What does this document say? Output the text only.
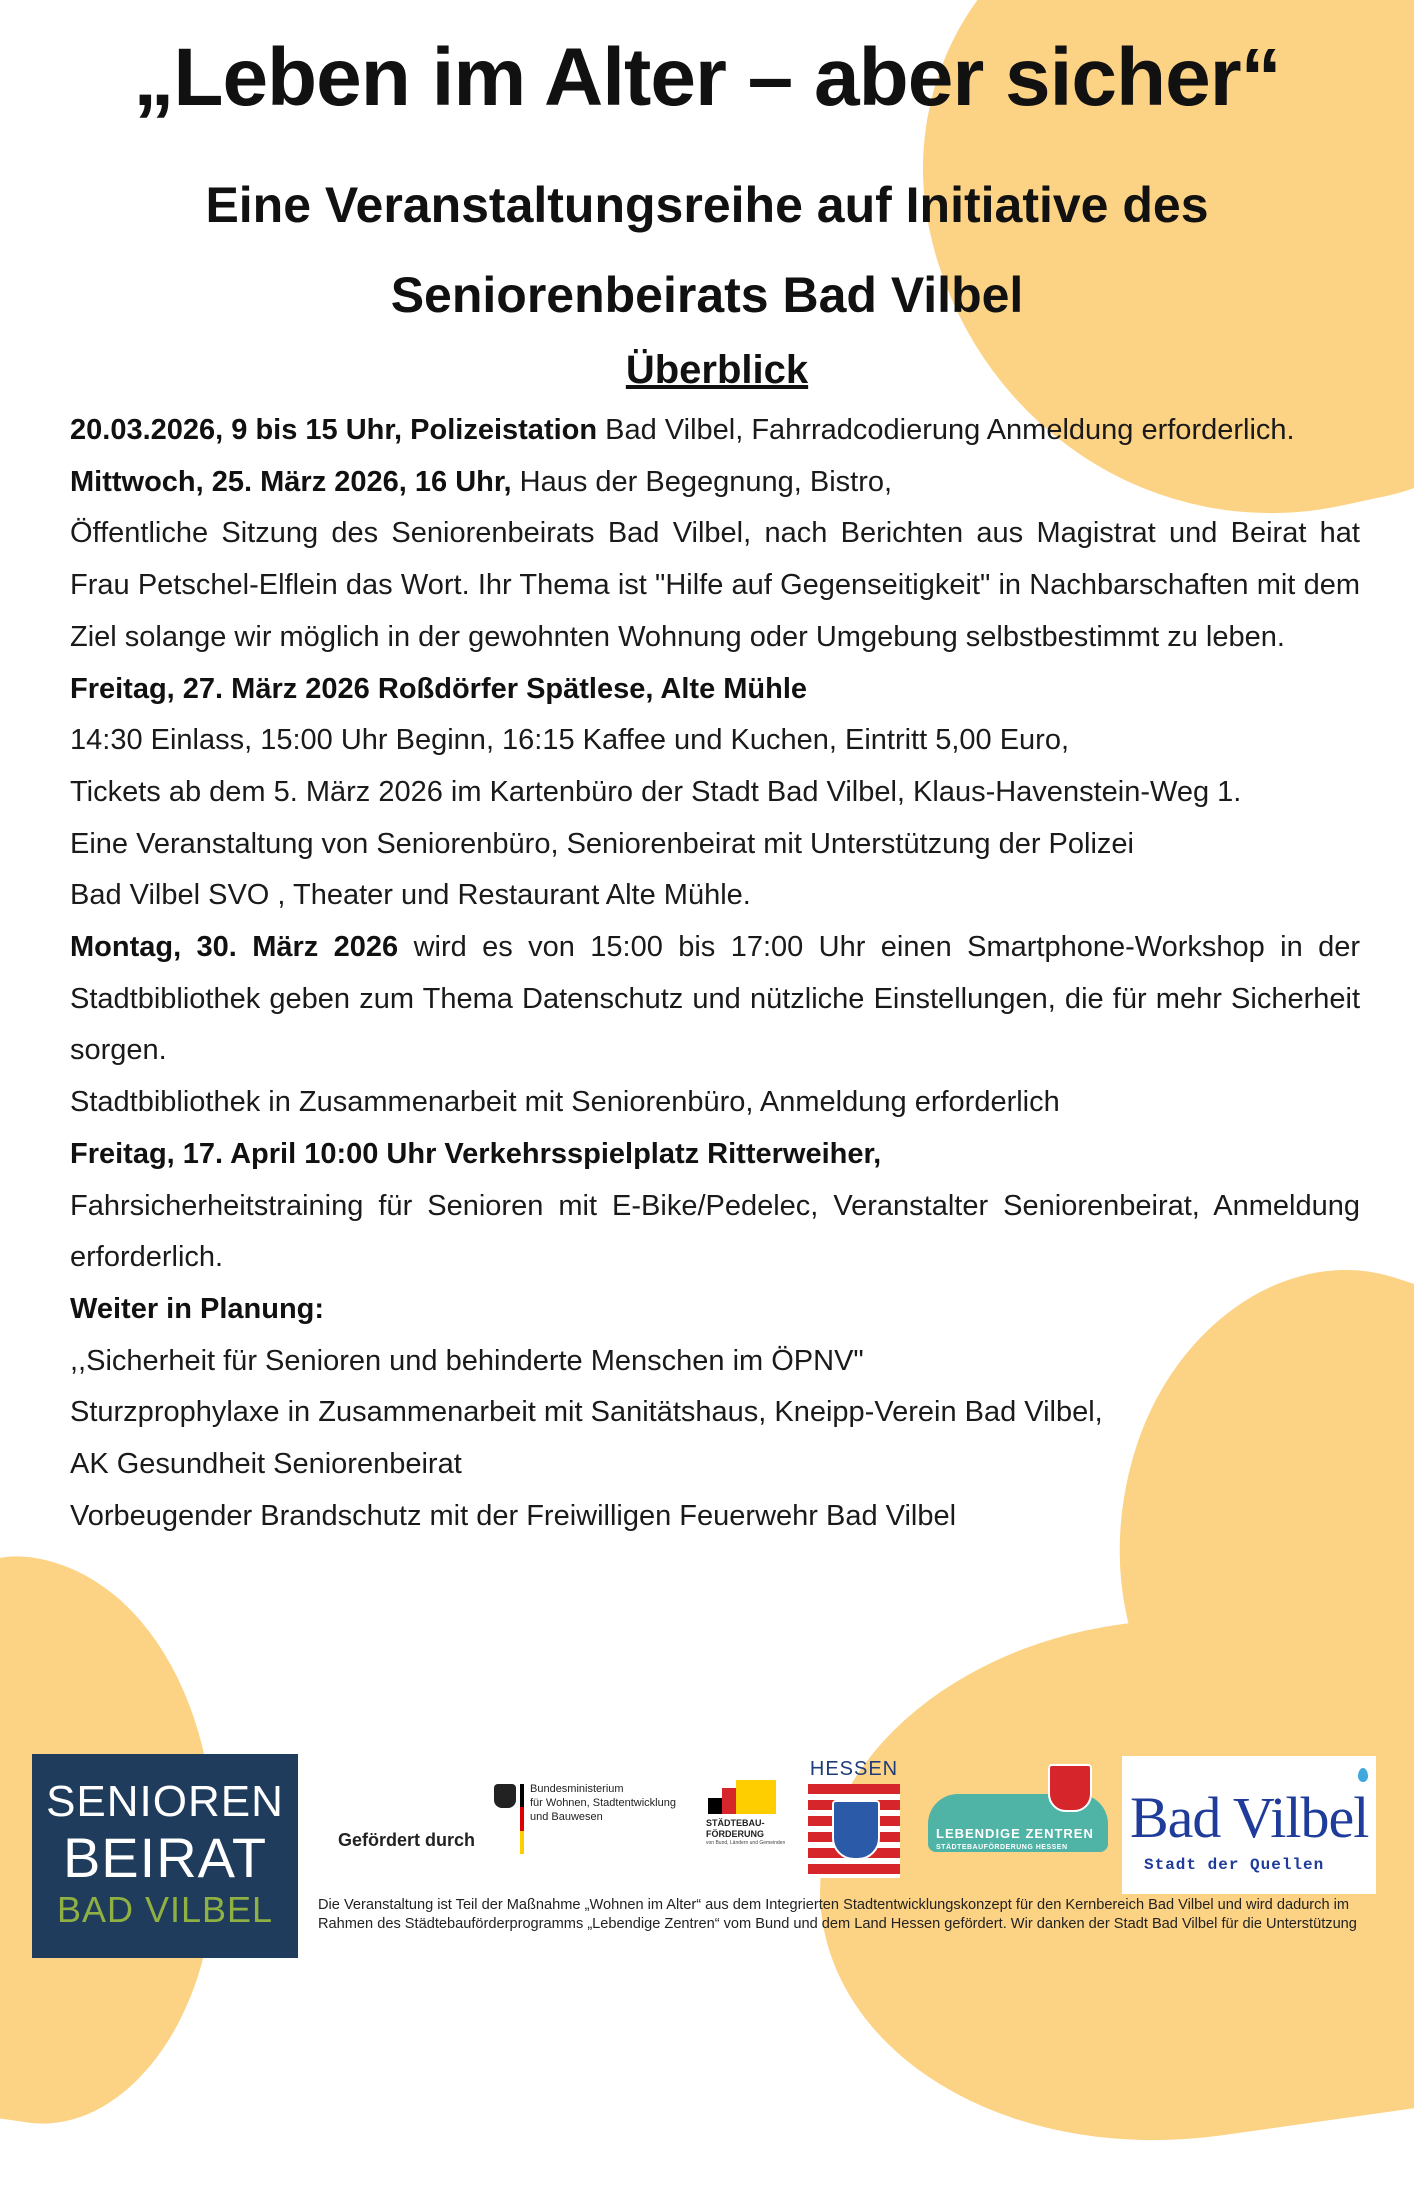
„Leben im Alter – aber sicher“
Eine Veranstaltungsreihe auf Initiative des
Seniorenbeirats Bad Vilbel
Überblick

20.03.2026, 9 bis 15 Uhr, Polizeistation Bad Vilbel, Fahrradcodierung Anmeldung erforderlich.

Mittwoch, 25. März 2026, 16 Uhr, Haus der Begegnung, Bistro,

Öffentliche Sitzung des Seniorenbeirats Bad Vilbel, nach Berichten aus Magistrat und Beirat hat Frau Petschel-Elflein das Wort. Ihr Thema ist "Hilfe auf Gegenseitigkeit" in Nachbarschaften mit dem Ziel solange wir möglich in der gewohnten Wohnung oder Umgebung selbstbestimmt zu leben.

Freitag, 27. März 2026 Roßdörfer Spätlese, Alte Mühle

14:30 Einlass, 15:00 Uhr Beginn, 16:15 Kaffee und Kuchen, Eintritt 5,00 Euro,

Tickets ab dem 5. März 2026 im Kartenbüro der Stadt Bad Vilbel, Klaus-Havenstein-Weg 1.

Eine Veranstaltung von Seniorenbüro, Seniorenbeirat mit Unterstützung der Polizei

Bad Vilbel SVO , Theater und Restaurant Alte Mühle.

Montag, 30. März 2026 wird es von 15:00 bis 17:00 Uhr einen Smartphone-Workshop in der Stadtbibliothek geben zum Thema Datenschutz und nützliche Einstellungen, die für mehr Sicherheit sorgen.

Stadtbibliothek in Zusammenarbeit mit Seniorenbüro, Anmeldung erforderlich

Freitag, 17. April 10:00 Uhr Verkehrsspielplatz Ritterweiher,

Fahrsicherheitstraining für Senioren mit E-Bike/Pedelec, Veranstalter Seniorenbeirat, Anmeldung erforderlich.

Weiter in Planung:

,,Sicherheit für Senioren und behinderte Menschen im ÖPNV"

Sturzprophylaxe in Zusammenarbeit mit Sanitätshaus, Kneipp-Verein Bad Vilbel,

AK Gesundheit Seniorenbeirat

Vorbeugender Brandschutz mit der Freiwilligen Feuerwehr Bad Vilbel

SENIOREN
BEIRAT
BAD VILBEL
Gefördert durch
Bundesministerium
für Wohnen, Stadtentwicklung
und Bauwesen	STÄDTEBAU-
FÖRDERUNG
von Bund, Ländern und Gemeinden
HESSEN
LEBENDIGE ZENTREN
STÄDTEBAUFÖRDERUNG HESSEN Bad Vilbel
Stadt der Quellen
Die Veranstaltung ist Teil der Maßnahme „Wohnen im Alter“ aus dem Integrierten Stadtentwicklungskonzept für den Kernbereich Bad Vilbel und wird dadurch im Rahmen des Städtebauförderprogramms „Lebendige Zentren“ vom Bund und dem Land Hessen gefördert. Wir danken der Stadt Bad Vilbel für die Unterstützung
